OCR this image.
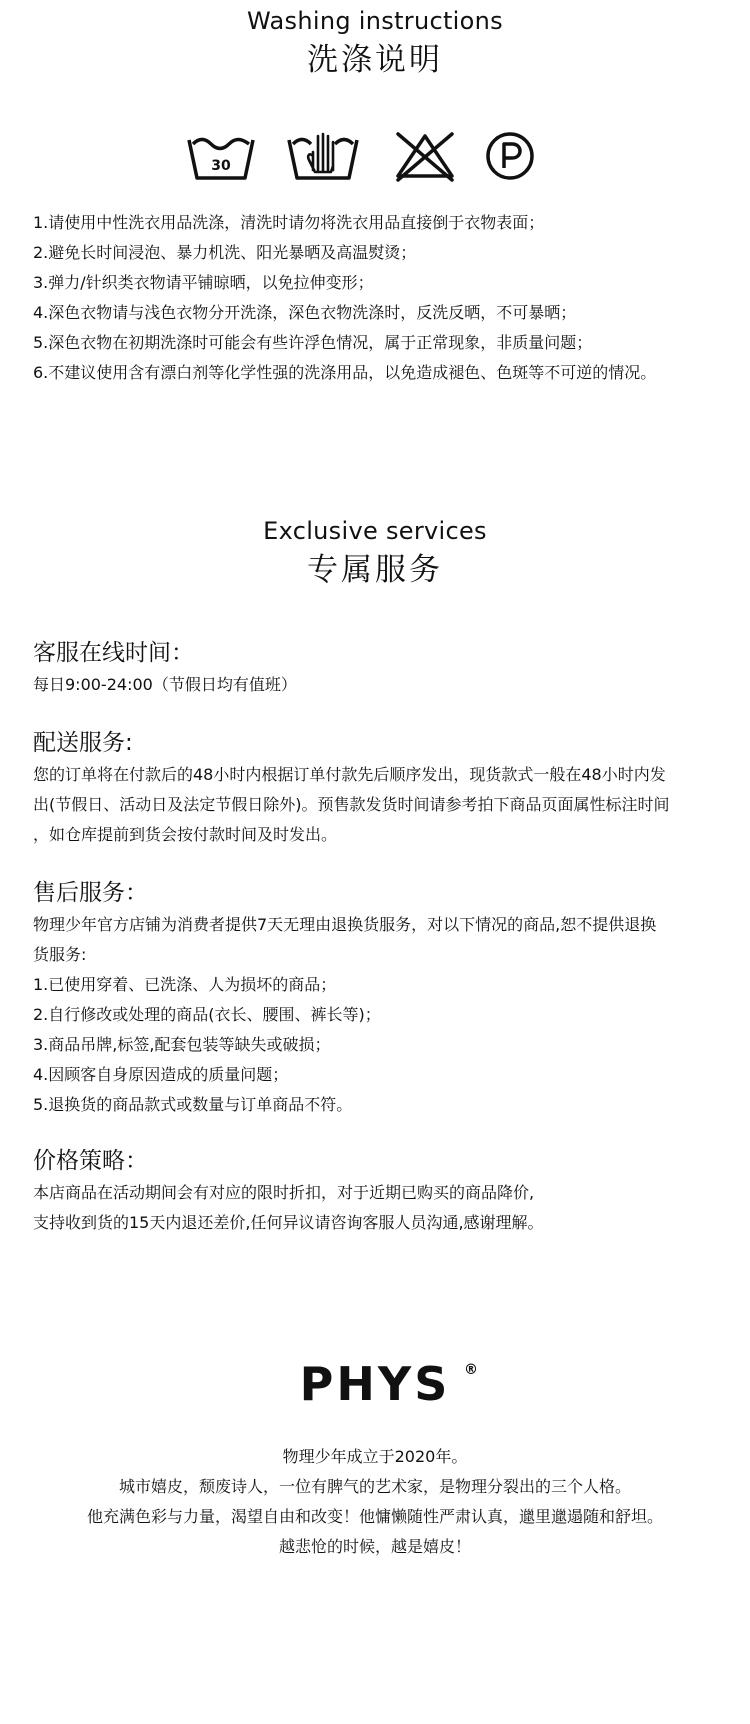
Washing instructions
洗涤说明
30
1.请使用中性洗衣用品洗涤，清洗时请勿将洗衣用品直接倒于衣物表面；
2.避免长时间浸泡、暴力机洗、阳光暴晒及高温熨烫；
3.弹力/针织类衣物请平铺晾晒，以免拉伸变形；
4.深色衣物请与浅色衣物分开洗涤，深色衣物洗涤时，反洗反晒，不可暴晒；
5.深色衣物在初期洗涤时可能会有些许浮色情况，属于正常现象，非质量问题；
6.不建议使用含有漂白剂等化学性强的洗涤用品，以免造成褪色、色斑等不可逆的情况。
Exclusive services
专属服务
客服在线时间：
每日9:00-24:00（节假日均有值班）
配送服务:
您的订单将在付款后的48小时内根据订单付款先后顺序发出，现货款式一般在48小时内发
出(节假日、活动日及法定节假日除外)。预售款发货时间请参考拍下商品页面属性标注时间
，如仓库提前到货会按付款时间及时发出。
售后服务：
物理少年官方店铺为消费者提供7天无理由退换货服务，对以下情况的商品,恕不提供退换
货服务:
1.已使用穿着、已洗涤、人为损坏的商品；
2.自行修改或处理的商品(衣长、腰围、裤长等)；
3.商品吊牌,标签,配套包装等缺失或破损；
4.因顾客自身原因造成的质量问题；
5.退换货的商品款式或数量与订单商品不符。
价格策略：
本店商品在活动期间会有对应的限时折扣，对于近期已购买的商品降价,
支持收到货的15天内退还差价,任何异议请咨询客服人员沟通,感谢理解。
PHYS ®
物理少年成立于2020年。
城市嬉皮，颓废诗人，一位有脾气的艺术家，是物理分裂出的三个人格。
他充满色彩与力量，渴望自由和改变！他慵懒随性严肃认真，邋里邋遢随和舒坦。
越悲怆的时候，越是嬉皮！
